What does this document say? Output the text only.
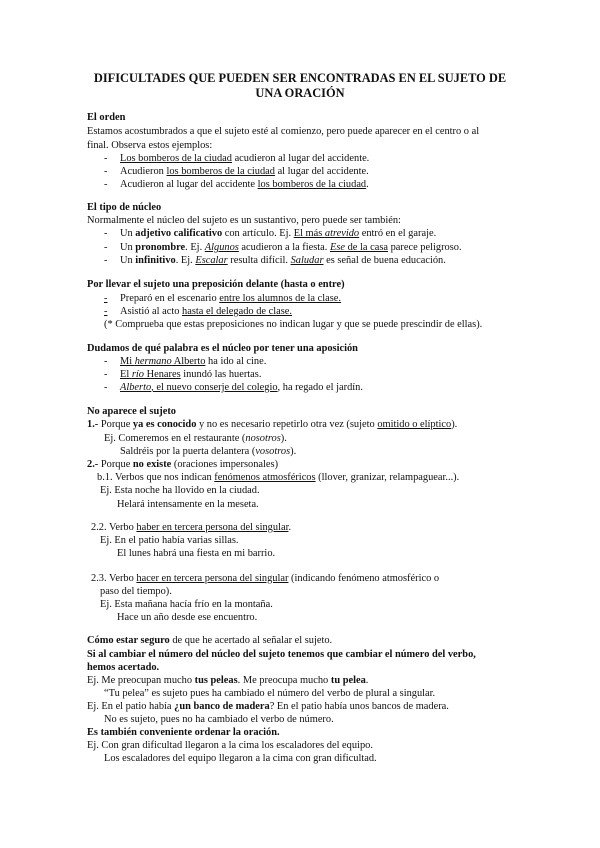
DIFICULTADES QUE PUEDEN SER ENCONTRADAS EN EL SUJETO DE
UNA ORACIÓN
El orden
Estamos acostumbrados a que el sujeto esté al comienzo, pero puede aparecer en el centro o al
final. Observa estos ejemplos:
- Los bomberos de la ciudad acudieron al lugar del accidente.
- Acudieron los bomberos de la ciudad al lugar del accidente.
- Acudieron al lugar del accidente los bomberos de la ciudad.
El tipo de núcleo
Normalmente el núcleo del sujeto es un sustantivo, pero puede ser también:
- Un adjetivo calificativo con artículo. Ej. El más atrevido entró en el garaje.
- Un pronombre. Ej. Algunos acudieron a la fiesta. Ese de la casa parece peligroso.
- Un infinitivo. Ej. Escalar resulta difícil. Saludar es señal de buena educación.
Por llevar el sujeto una preposición delante (hasta o entre)
- Preparó en el escenario entre los alumnos de la clase.
- Asistió al acto hasta el delegado de clase.
(* Comprueba que estas preposiciones no indican lugar y que se puede prescindir de ellas).
Dudamos de qué palabra es el núcleo por tener una aposición
- Mi hermano Alberto ha ido al cine.
- El río Henares inundó las huertas.
- Alberto, el nuevo conserje del colegio, ha regado el jardín.
No aparece el sujeto
1.- Porque ya es conocido y no es necesario repetirlo otra vez (sujeto omitido o elíptico).
Ej. Comeremos en el restaurante (nosotros).
Saldréis por la puerta delantera (vosotros).
2.- Porque no existe (oraciones impersonales)
b.1. Verbos que nos indican fenómenos atmosféricos (llover, granizar, relampaguear...).
Ej. Esta noche ha llovido en la ciudad.
Helará intensamente en la meseta.
2.2. Verbo haber en tercera persona del singular.
Ej. En el patio había varias sillas.
El lunes habrá una fiesta en mi barrio.
2.3. Verbo hacer en tercera persona del singular (indicando fenómeno atmosférico o
paso del tiempo).
Ej. Esta mañana hacía frío en la montaña.
Hace un año desde ese encuentro.
Cómo estar seguro de que he acertado al señalar el sujeto.
Si al cambiar el número del núcleo del sujeto tenemos que cambiar el número del verbo,
hemos acertado.
Ej. Me preocupan mucho tus peleas. Me preocupa mucho tu pelea.
“Tu pelea” es sujeto pues ha cambiado el número del verbo de plural a singular.
Ej. En el patio había ¿un banco de madera? En el patio había unos bancos de madera.
No es sujeto, pues no ha cambiado el verbo de número.
Es también conveniente ordenar la oración.
Ej. Con gran dificultad llegaron a la cima los escaladores del equipo.
Los escaladores del equipo llegaron a la cima con gran dificultad.
